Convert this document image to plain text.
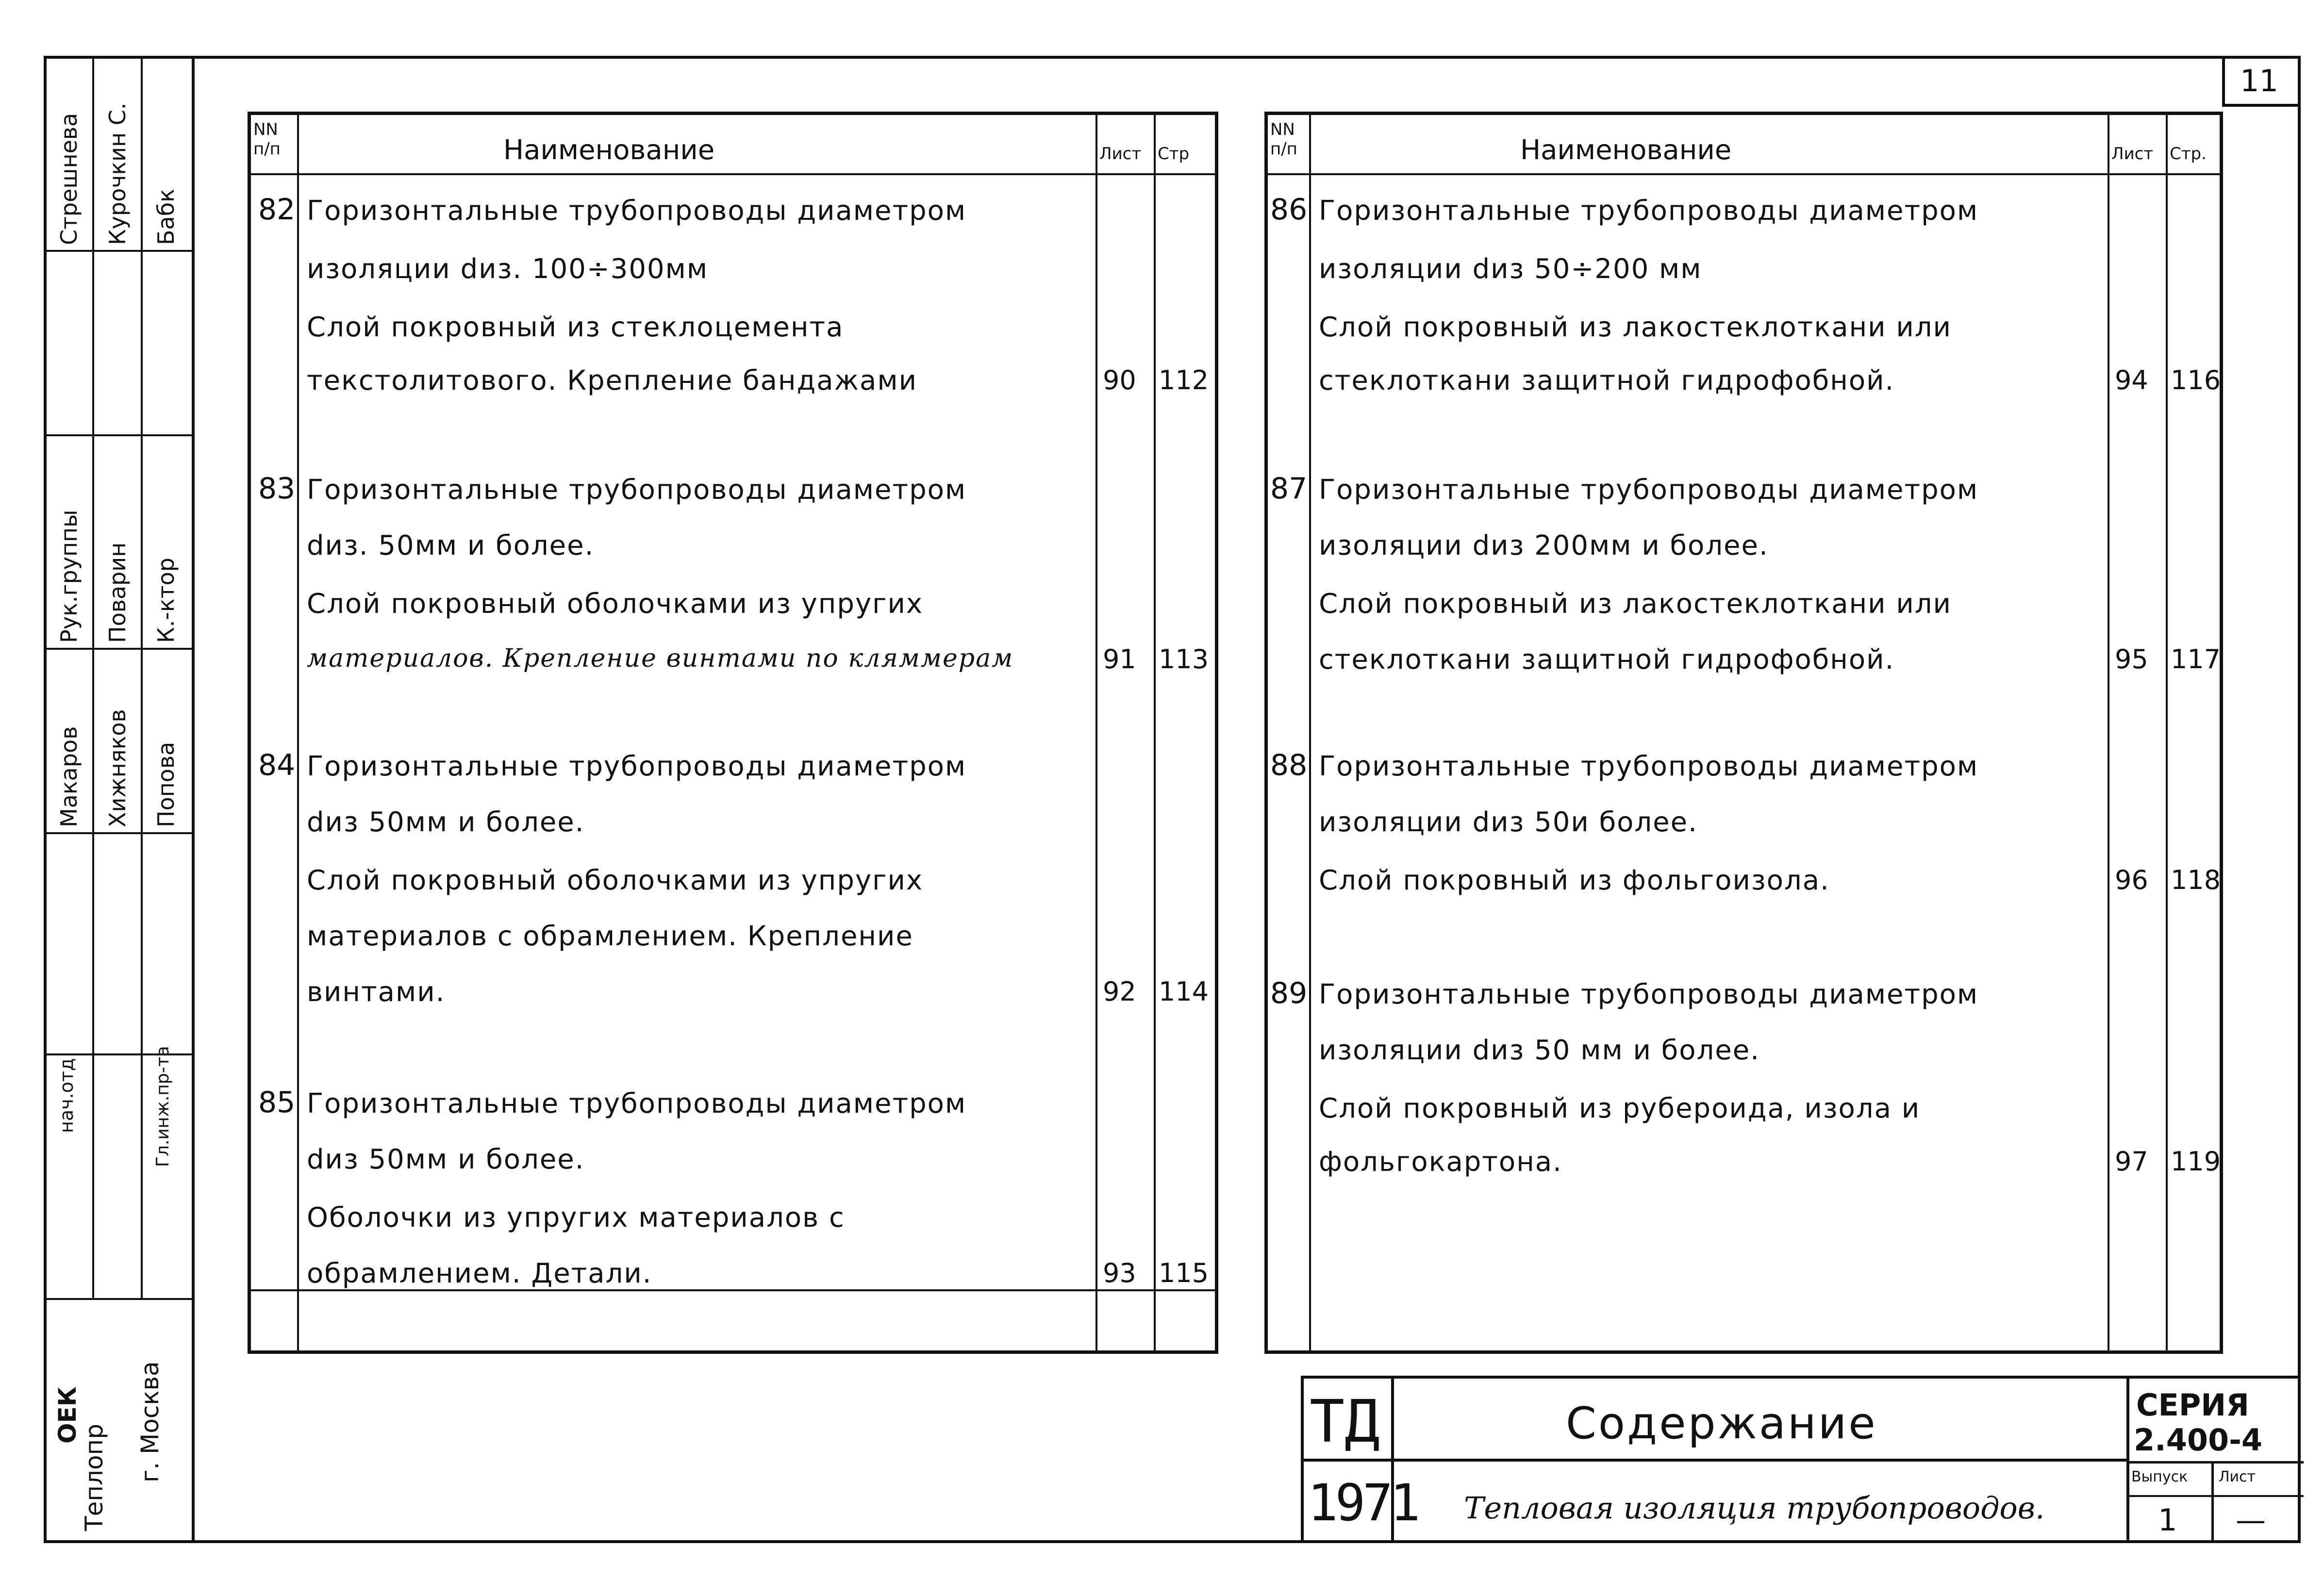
11
Стрешнева Курочкин С. Бабк
Рук.группы Поварин К.-ктор
Макаров Хижняков Попова
нач.отд	Гл.инж.пр-та
ОЕК
Теплопр г. Москва
NN п/п	Наименование	Лист Стр
82 Горизонтальные трубопроводы диаметром
изоляции dиз. 100÷300мм
Слой покровный из стеклоцемента
текстолитового. Крепление бандажами	90 112
83 Горизонтальные трубопроводы диаметром
dиз. 50мм и более.
Слой покровный оболочками из упругих
материалов. Крепление винтами по кляммерам	91 113
84 Горизонтальные трубопроводы диаметром
dиз 50мм и более.
Слой покровный оболочками из упругих
материалов с обрамлением. Крепление
винтами.	92 114
85 Горизонтальные трубопроводы диаметром
dиз 50мм и более.
Оболочки из упругих материалов с
обрамлением. Детали.	93 115
NN п/п	Наименование	Лист Стр.
86 Горизонтальные трубопроводы диаметром
изоляции dиз 50÷200 мм
Слой покровный из лакостеклоткани или
стеклоткани защитной гидрофобной.	94 116
87 Горизонтальные трубопроводы диаметром
изоляции dиз 200мм и более.
Слой покровный из лакостеклоткани или
стеклоткани защитной гидрофобной.	95 117
88 Горизонтальные трубопроводы диаметром
изоляции dиз 50и более.
Слой покровный из фольгоизола.	96 118
89 Горизонтальные трубопроводы диаметром
изоляции dиз 50 мм и более.
Слой покровный из рубероида, изола и
фольгокартона.	97 119
ТД
1971
Содержание
Тепловая изоляция трубопроводов.
СЕРИЯ
2.400-4
Выпуск Лист
1 —
